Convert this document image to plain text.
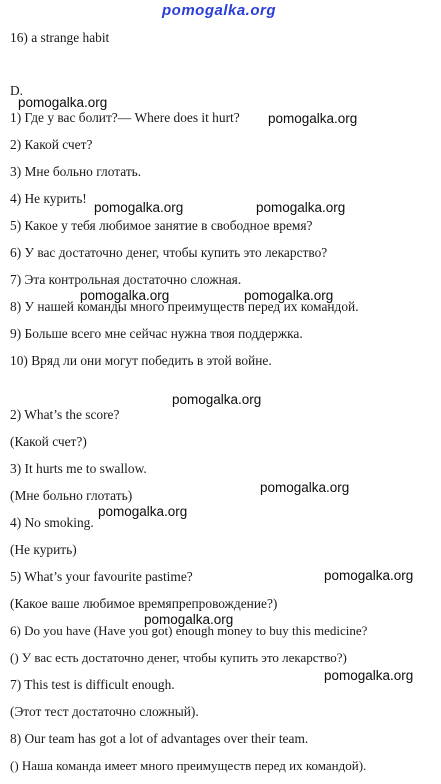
pomogalka.org
16) a strange habit
D.
1) Где у вас болит?— Where does it hurt?
2) Какой счет?
3) Мне больно глотать.
4) Не курить!
5) Какое у тебя любимое занятие в свободное время?
6) У вас достаточно денег, чтобы купить это лекарство?
7) Эта контрольная достаточно сложная.
8) У нашей команды много преимуществ перед их командой.
9) Больше всего мне сейчас нужна твоя поддержка.
10) Вряд ли они могут победить в этой войне.
2) What’s the score?
(Какой счет?)
3) It hurts me to swallow.
(Мне больно глотать)
4) No smoking.
(Не курить)
5) What’s your favourite pastime?
(Какое ваше любимое времяпрепровождение?)
6) Do you have (Have you got) enough money to buy this medicine?
() У вас есть достаточно денег, чтобы купить это лекарство?)
7) This test is difficult enough.
(Этот тест достаточно сложный).
8) Our team has got a lot of advantages over their team.
() Наша команда имеет много преимуществ перед их командой).
pomogalka.org
pomogalka.org
pomogalka.org	pomogalka.org
pomogalka.org	pomogalka.org
pomogalka.org
pomogalka.org
pomogalka.org
pomogalka.org
pomogalka.org
pomogalka.org
